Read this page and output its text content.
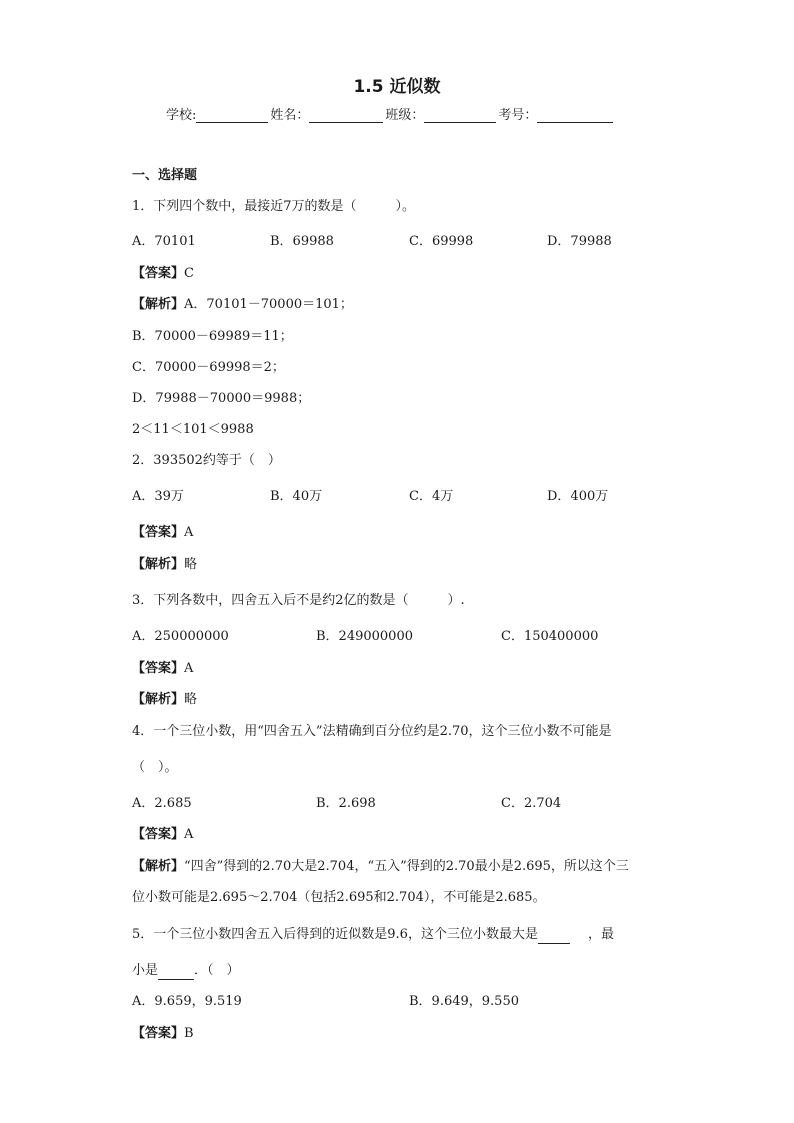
1.5 近似数
学校:	姓名：	班级：	考号：
一、选择题
1．下列四个数中，最接近7万的数是（　　　）。
A．70101	B．69988	C．69998	D．79988
【答案】C
【解析】A．70101－70000＝101；
B．70000－69989＝11；
C．70000－69998＝2；
D．79988－70000＝9988；
2＜11＜101＜9988
2．393502约等于（　）
A．39万	B．40万	C．4万	D．400万
【答案】A
【解析】略
3．下列各数中，四舍五入后不是约2亿的数是（　　　）.
A．250000000	B．249000000	C．150400000
【答案】A
【解析】略
4．一个三位小数，用“四舍五入”法精确到百分位约是2.70，这个三位小数不可能是
（　）。
A．2.685	B．2.698	C．2.704
【答案】A
【解析】“四舍”得到的2.70大是2.704，“五入”得到的2.70最小是2.695，所以这个三
位小数可能是2.695～2.704（包括2.695和2.704），不可能是2.685。
5．一个三位小数四舍五入后得到的近似数是9.6，这个三位小数最大是	，最
小是	．（　）
A．9.659，9.519	B．9.649，9.550
【答案】B
